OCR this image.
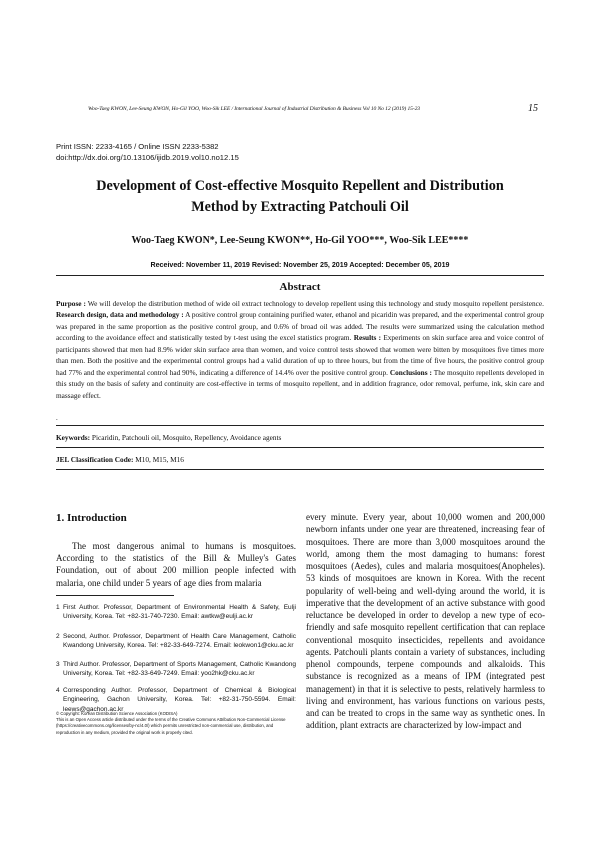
Woo-Taeg KWON, Lee-Seung KWON, Ho-Gil YOO, Woo-Sik LEE / International Journal of Industrial Distribution & Business Vol 10 No 12 (2019) 15-23	15
Print ISSN: 2233-4165 / Online ISSN 2233-5382
doi:http://dx.doi.org/10.13106/ijidb.2019.vol10.no12.15
Development of Cost-effective Mosquito Repellent and Distribution
Method by Extracting Patchouli Oil
Woo-Taeg KWON*, Lee-Seung KWON**, Ho-Gil YOO***, Woo-Sik LEE****
Received: November 11, 2019 Revised: November 25, 2019 Accepted: December 05, 2019
Abstract
Purpose : We will develop the distribution method of wide oil extract technology to develop repellent using this technology and study mosquito repellent persistence. Research design, data and methodology : A positive control group containing purified water, ethanol and picaridin was prepared, and the experimental control group was prepared in the same proportion as the positive control group, and 0.6% of broad oil was added. The results were summarized using the calculation method according to the avoidance effect and statistically tested by t-test using the excel statistics program. Results : Experiments on skin surface area and voice control of participants showed that men had 8.9% wider skin surface area than women, and voice control tests showed that women were bitten by mosquitoes five times more than men. Both the positive and the experimental control groups had a valid duration of up to three hours, but from the time of five hours, the positive control group had 77% and the experimental control had 90%, indicating a difference of 14.4% over the positive control group. Conclusions : The mosquito repellents developed in this study on the basis of safety and continuity are cost-effective in terms of mosquito repellent, and in addition fragrance, odor removal, perfume, ink, skin care and massage effect.
.
Keywords: Picaridin, Patchouli oil, Mosquito, Repellency, Avoidance agents
JEL Classification Code: M10, M15, M16
1. Introduction
The most dangerous animal to humans is mosquitoes. According to the statistics of the Bill & Mulley's Gates Foundation, out of about 200 million people infected with malaria, one child under 5 years of age dies from malaria
every minute. Every year, about 10,000 women and 200,000 newborn infants under one year are threatened, increasing fear of mosquitoes. There are more than 3,000 mosquitoes around the world, among them the most damaging to humans: forest mosquitoes (Aedes), cules and malaria mosquitoes(Anopheles). 53 kinds of mosquitoes are known in Korea. With the recent popularity of well-being and well-dying around the world, it is imperative that the development of an active substance with good reluctance be developed in order to develop a new type of eco-friendly and safe mosquito repellent certification that can replace conventional mosquito insecticides, repellents and avoidance agents. Patchouli plants contain a variety of substances, including phenol compounds, terpene compounds and alkaloids. This substance is recognized as a means of IPM (integrated pest management) in that it is selective to pests, relatively harmless to living and environment, has various functions on various pests, and can be treated to crops in the same way as synthetic ones. In addition, plant extracts are characterized by low-impact and
1 First Author. Professor, Department of Environmental Health & Safety, Eulji University, Korea. Tel: +82-31-740-7230. Email: awtkw@eulji.ac.kr
2 Second, Author. Professor, Department of Health Care Management, Catholic Kwandong University, Korea. Tel: +82-33-649-7274. Email: leokwon1@cku.ac.kr
3 Third Author. Professor, Department of Sports Management, Catholic Kwandong University, Korea. Tel: +82-33-649-7249. Email: yoo2hk@cku.ac.kr
4 Corresponding Author. Professor, Department of Chemical & Biological Engineering, Gachon University, Korea. Tel: +82-31-750-5594. Email: leews@gachon.ac.kr
© Copyright: Korean Distribution Science Association (KODISA)
This is an Open Access article distributed under the terms of the Creative Commons Attribution Non-Commercial License (https://creativecommons.org/licenses/by-nc/4.0/) which permits unrestricted non-commercial use, distribution, and reproduction in any medium, provided the original work is properly cited.
